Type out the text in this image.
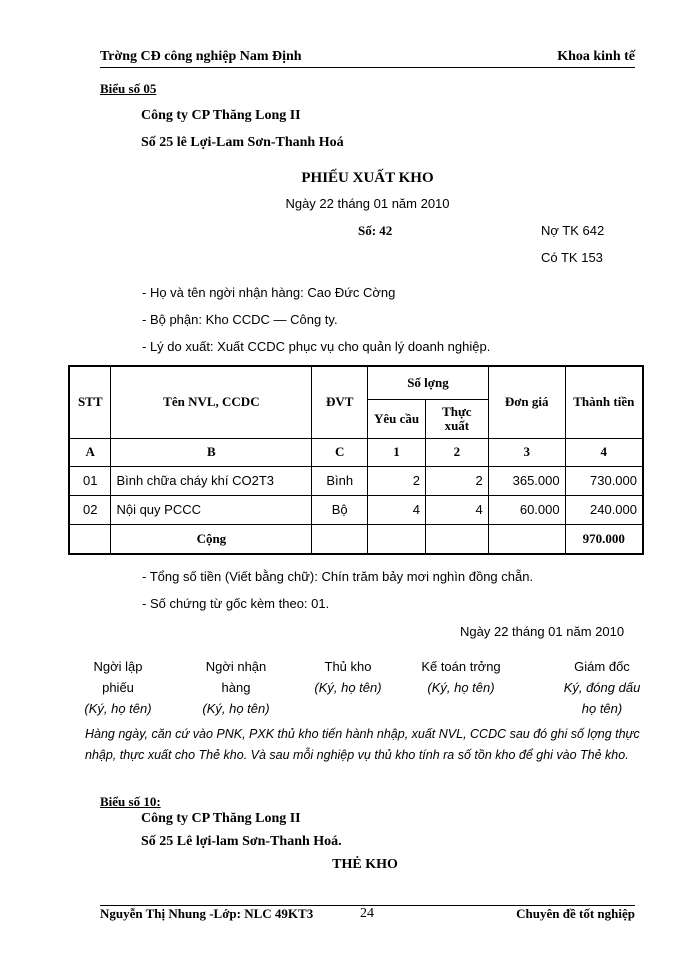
Trờng CĐ công nghiệp Nam Định	Khoa kinh tế
Biểu số 05
Công ty CP Thăng Long II
Số 25 lê Lợi-Lam Sơn-Thanh Hoá
PHIẾU XUẤT KHO
Ngày 22 tháng 01 năm 2010
Số: 42	Nợ TK 642
Có TK 153
- Họ và tên ngời nhận hàng: Cao Đức Cờng
- Bộ phận: Kho CCDC — Công ty.
- Lý do xuất: Xuất CCDC phục vụ cho quản lý doanh nghiệp.
STT	Tên NVL, CCDC	ĐVT	Số lợng		Đơn giá	Thành tiền
			Yêu cầu	Thực xuất		
A	B	C	1	2	3	4
01	Bình chữa cháy khí CO2T3	Bình	2	2	365.000	730.000
02	Nội quy PCCC	Bộ	4	4	60.000	240.000
	Cộng					970.000
- Tổng số tiền (Viết bằng chữ): Chín trăm bảy mơi nghìn đồng chẵn.
- Số chứng từ gốc kèm theo: 01.
Ngày 22 tháng 01 năm 2010
Ngời lập
phiếu
(Ký, họ tên)
Ngời nhận
hàng
(Ký, họ tên)
Thủ kho
(Ký, họ tên)
Kế toán trởng
(Ký, họ tên)
Giám đốc
Ký, đóng dấu
họ tên)
Hàng ngày, căn cứ vào PNK, PXK thủ kho tiến hành nhập, xuất NVL, CCDC sau đó ghi số lợng thực nhập, thực xuất cho Thẻ kho. Và sau mỗi nghiệp vụ thủ kho tính ra số tồn kho để ghi vào Thẻ kho.
Biểu số 10:
Công ty CP Thăng Long II
Số 25 Lê lợi-lam Sơn-Thanh Hoá.
THẺ KHO
Nguyễn Thị Nhung -Lớp: NLC 49KT3	24	Chuyên đề tốt nghiệp
